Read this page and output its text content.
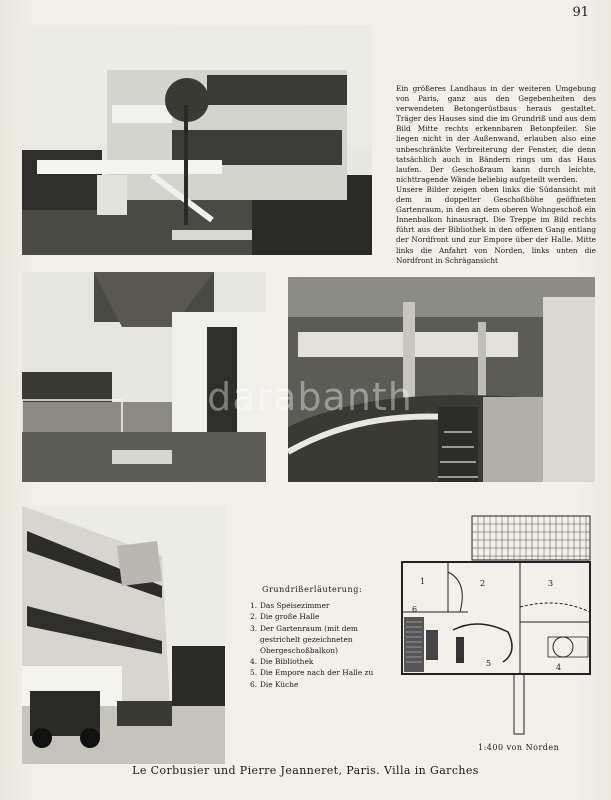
91

Ein größeres Landhaus in der weiteren Umgebung von Paris, ganz aus den Gegebenheiten des verwendeten Betongerüstbaus heraus gestaltet. Träger des Hauses sind die im Grundriß und aus dem Bild Mitte rechts erkennbaren Betonpfeiler. Sie liegen nicht in der Außenwand, erlauben also eine unbeschränkte Verbreiterung der Fenster, die denn tatsächlich auch in Bändern rings um das Haus laufen. Der Geschoßraum kann durch leichte, nichttragende Wände beliebig aufgeteilt werden.

Unsere Bilder zeigen oben links die Südansicht mit dem in doppelter Geschoßhöhe geöffneten Gartenraum, in den an dem oberen Wohngeschoß ein Innenbalkon hinausragt. Die Treppe im Bild rechts führt aus der Bibliothek in den offenen Gang entlang der Nordfront und zur Empore über der Halle. Mitte links die Anfahrt von Norden, links unten die Nordfront in Schrägansicht

Grundrißerläuterung:
1. Das Speisezimmer
2. Die große Halle
3. Der Gartenraum (mit dem gestrichelt gezeichneten Obergeschoßbalkon)
4. Die Bibliothek
5. Die Empore nach der Halle zu
6. Die Küche
1	2	3
4
5
6
1:400 von Norden
Le Corbusier und Pierre Jeanneret, Paris. Villa in Garches
darabanth
